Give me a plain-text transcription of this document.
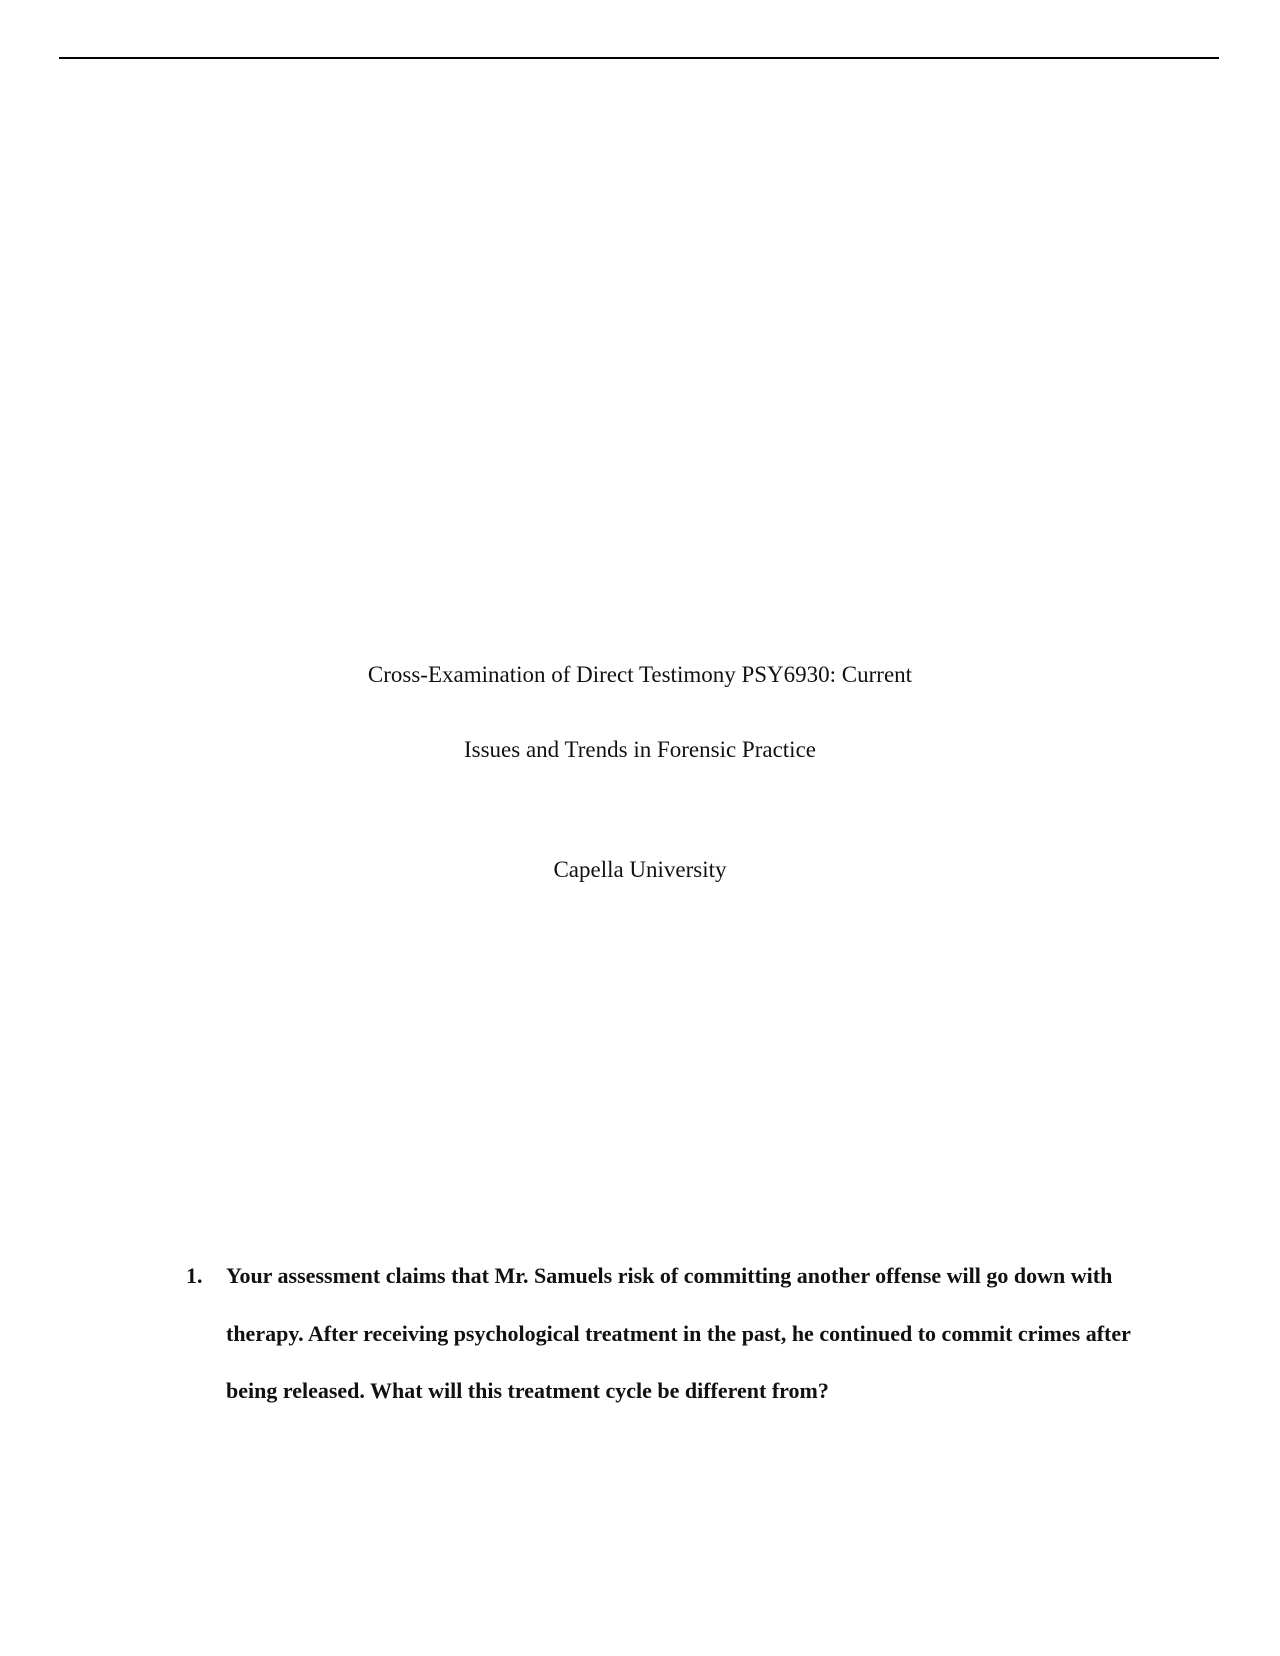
Cross-Examination of Direct Testimony PSY6930: Current
Issues and Trends in Forensic Practice
Capella University
1.	Your assessment claims that Mr. Samuels risk of committing another offense will go down with therapy. After receiving psychological treatment in the past, he continued to commit crimes after being released. What will this treatment cycle be different from?
